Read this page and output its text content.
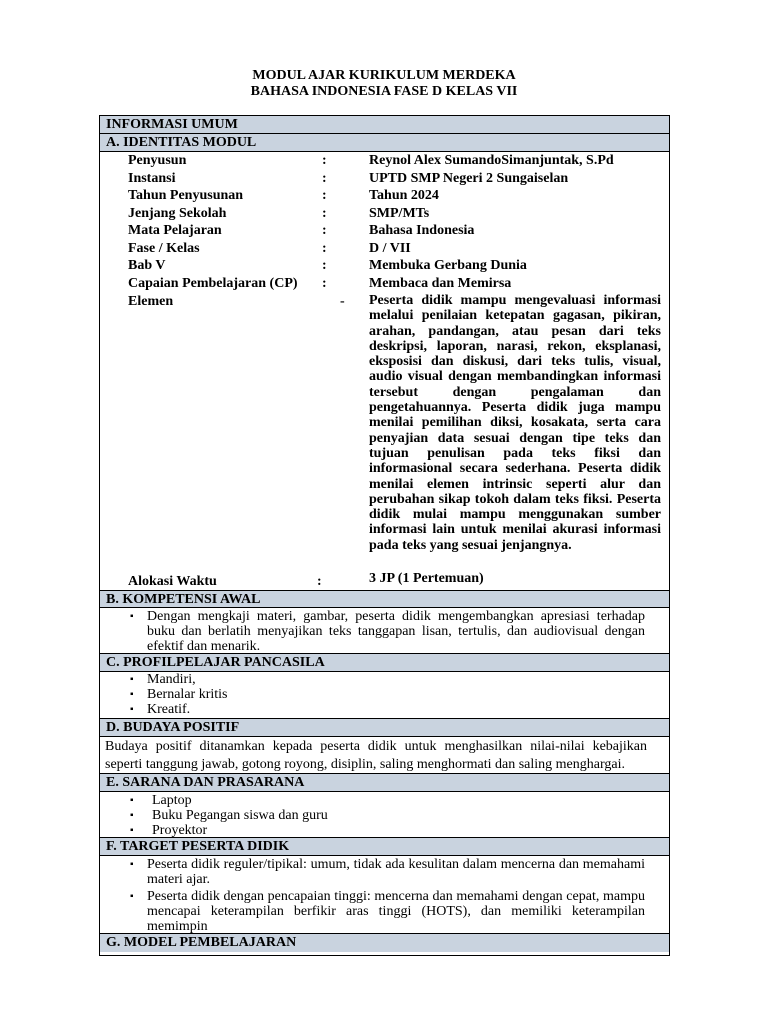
MODUL AJAR KURIKULUM MERDEKA
BAHASA INDONESIA FASE D KELAS VII
INFORMASI UMUM
A. IDENTITAS MODUL
Penyusun	:	Reynol Alex SumandoSimanjuntak, S.Pd
Instansi	:	UPTD SMP Negeri 2 Sungaiselan
Tahun Penyusunan	:	Tahun 2024
Jenjang Sekolah	:	SMP/MTs
Mata Pelajaran	:	Bahasa Indonesia
Fase / Kelas	:	D / VII
Bab V	:	Membuka Gerbang Dunia
Capaian Pembelajaran (CP) :	Membaca dan Memirsa
Elemen	- Peserta didik mampu mengevaluasi informasi melalui penilaian ketepatan gagasan, pikiran, arahan, pandangan, atau pesan dari teks deskripsi, laporan, narasi, rekon, eksplanasi, eksposisi dan diskusi, dari teks tulis, visual, audio visual dengan membandingkan informasi tersebut dengan pengalaman dan pengetahuannya. Peserta didik juga mampu menilai pemilihan diksi, kosakata, serta cara penyajian data sesuai dengan tipe teks dan tujuan penulisan pada teks fiksi dan informasional secara sederhana. Peserta didik menilai elemen intrinsic seperti alur dan perubahan sikap tokoh dalam teks fiksi. Peserta didik mulai mampu menggunakan sumber informasi lain untuk menilai akurasi informasi pada teks yang sesuai jenjangnya.
Alokasi Waktu	:	3 JP (1 Pertemuan)
B. KOMPETENSI AWAL
▪ Dengan mengkaji materi, gambar, peserta didik mengembangkan apresiasi terhadap buku dan berlatih menyajikan teks tanggapan lisan, tertulis, dan audiovisual dengan efektif dan menarik.
C. PROFILPELAJAR PANCASILA
▪ Mandiri,
▪ Bernalar kritis
▪ Kreatif.
D. BUDAYA POSITIF
Budaya positif ditanamkan kepada peserta didik untuk menghasilkan nilai-nilai kebajikan seperti tanggung jawab, gotong royong, disiplin, saling menghormati dan saling menghargai.
E. SARANA DAN PRASARANA
▪ Laptop
▪ Buku Pegangan siswa dan guru
▪ Proyektor
F. TARGET PESERTA DIDIK
▪ Peserta didik reguler/tipikal: umum, tidak ada kesulitan dalam mencerna dan memahami materi ajar.
▪ Peserta didik dengan pencapaian tinggi: mencerna dan memahami dengan cepat, mampu mencapai keterampilan berfikir aras tinggi (HOTS), dan memiliki keterampilan memimpin
G. MODEL PEMBELAJARAN
